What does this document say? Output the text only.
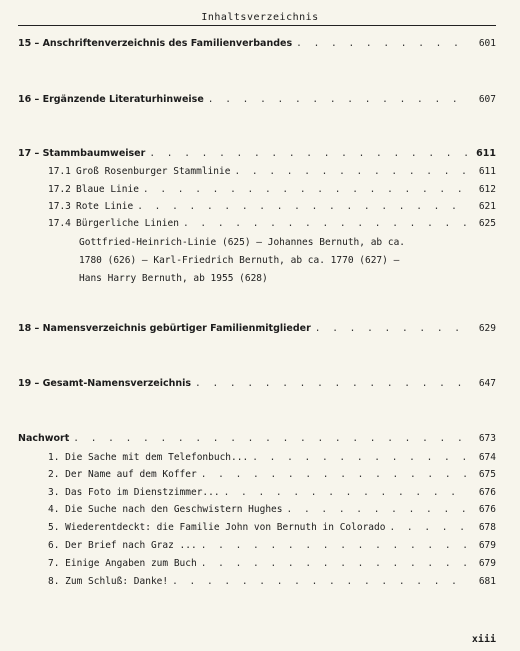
Inhaltsverzeichnis
15 – Anschriftenverzeichnis des Familienverbandes . . .	601
16 – Ergänzende Literaturhinweise . . .	607
17 – Stammbaumweiser . . .	611
17.1 Groß Rosenburger Stammlinie . . .	611
17.2 Blaue Linie . . .	612
17.3 Rote Linie . . .	621
17.4 Bürgerliche Linien . . .	625
Gottfried-Heinrich-Linie (625) – Johannes Bernuth, ab ca.
1780 (626) – Karl-Friedrich Bernuth, ab ca. 1770 (627) –
Hans Harry Bernuth, ab 1955 (628)
18 – Namensverzeichnis gebürtiger Familienmitglieder . . .	629
19 – Gesamt-Namensverzeichnis . . .	647
Nachwort . . .	673
1. Die Sache mit dem Telefonbuch... . . .	674
2. Der Name auf dem Koffer . . .	675
3. Das Foto im Dienstzimmer... . . .	676
4. Die Suche nach den Geschwistern Hughes . . .	676
5. Wiederentdeckt: die Familie John von Bernuth in Colorado . . .	678
6. Der Brief nach Graz ... . . .	679
7. Einige Angaben zum Buch . . .	679
8. Zum Schluß: Danke! . . .	681
xiii
